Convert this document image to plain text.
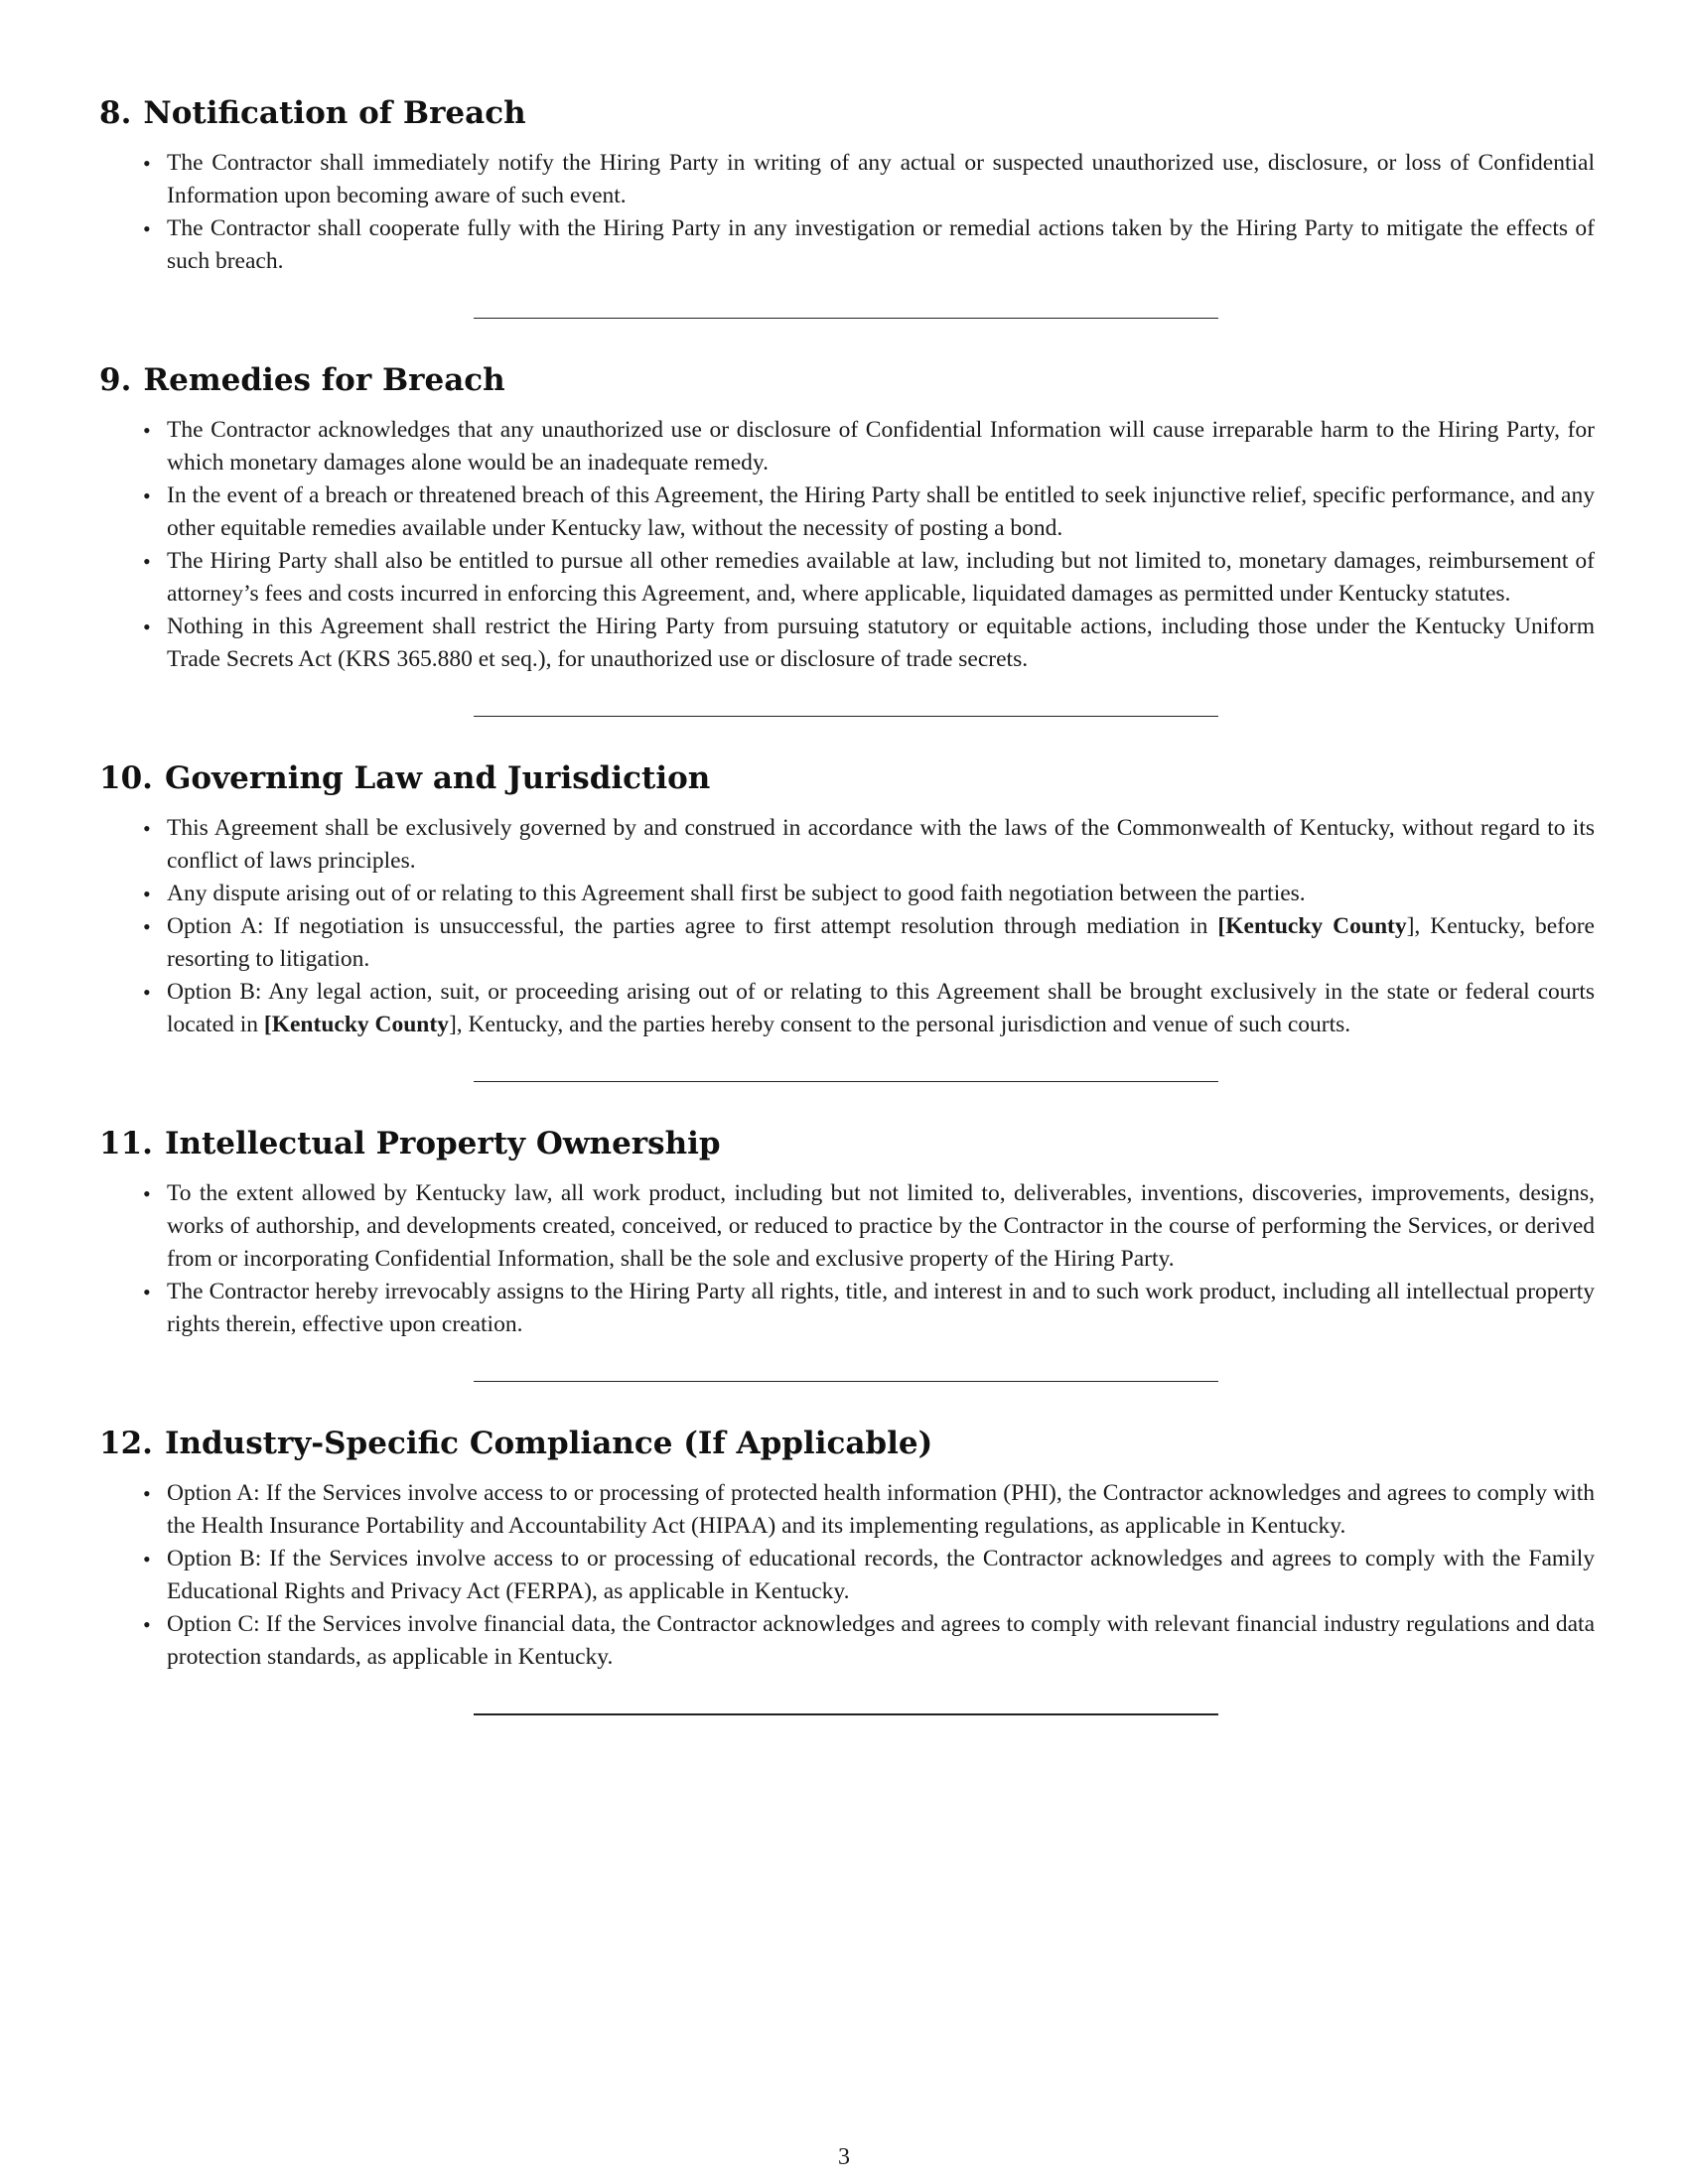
8. Notification of Breach
• The Contractor shall immediately notify the Hiring Party in writing of any actual or suspected unauthorized use, disclosure, or loss of Confidential Information upon becoming aware of such event.
• The Contractor shall cooperate fully with the Hiring Party in any investigation or remedial actions taken by the Hiring Party to mitigate the effects of such breach.
9. Remedies for Breach
• The Contractor acknowledges that any unauthorized use or disclosure of Confidential Information will cause irreparable harm to the Hiring Party, for which monetary damages alone would be an inadequate remedy.
• In the event of a breach or threatened breach of this Agreement, the Hiring Party shall be entitled to seek injunctive relief, specific performance, and any other equitable remedies available under Kentucky law, without the necessity of posting a bond.
• The Hiring Party shall also be entitled to pursue all other remedies available at law, including but not limited to, monetary damages, reimbursement of attorney’s fees and costs incurred in enforcing this Agreement, and, where applicable, liquidated damages as permitted under Kentucky statutes.
• Nothing in this Agreement shall restrict the Hiring Party from pursuing statutory or equitable actions, including those under the Kentucky Uniform Trade Secrets Act (KRS 365.880 et seq.), for unauthorized use or disclosure of trade secrets.
10. Governing Law and Jurisdiction
• This Agreement shall be exclusively governed by and construed in accordance with the laws of the Commonwealth of Kentucky, without regard to its conflict of laws principles.
• Any dispute arising out of or relating to this Agreement shall first be subject to good faith negotiation between the parties.
• Option A: If negotiation is unsuccessful, the parties agree to first attempt resolution through mediation in [Kentucky County], Kentucky, before resorting to litigation.
• Option B: Any legal action, suit, or proceeding arising out of or relating to this Agreement shall be brought exclusively in the state or federal courts located in [Kentucky County], Kentucky, and the parties hereby consent to the personal jurisdiction and venue of such courts.
11. Intellectual Property Ownership
• To the extent allowed by Kentucky law, all work product, including but not limited to, deliverables, inventions, discoveries, improvements, designs, works of authorship, and developments created, conceived, or reduced to practice by the Contractor in the course of performing the Services, or derived from or incorporating Confidential Information, shall be the sole and exclusive property of the Hiring Party.
• The Contractor hereby irrevocably assigns to the Hiring Party all rights, title, and interest in and to such work product, including all intellectual property rights therein, effective upon creation.
12. Industry-Specific Compliance (If Applicable)
• Option A: If the Services involve access to or processing of protected health information (PHI), the Contractor acknowledges and agrees to comply with the Health Insurance Portability and Accountability Act (HIPAA) and its implementing regulations, as applicable in Kentucky.
• Option B: If the Services involve access to or processing of educational records, the Contractor acknowledges and agrees to comply with the Family Educational Rights and Privacy Act (FERPA), as applicable in Kentucky.
• Option C: If the Services involve financial data, the Contractor acknowledges and agrees to comply with relevant financial industry regulations and data protection standards, as applicable in Kentucky.
3
